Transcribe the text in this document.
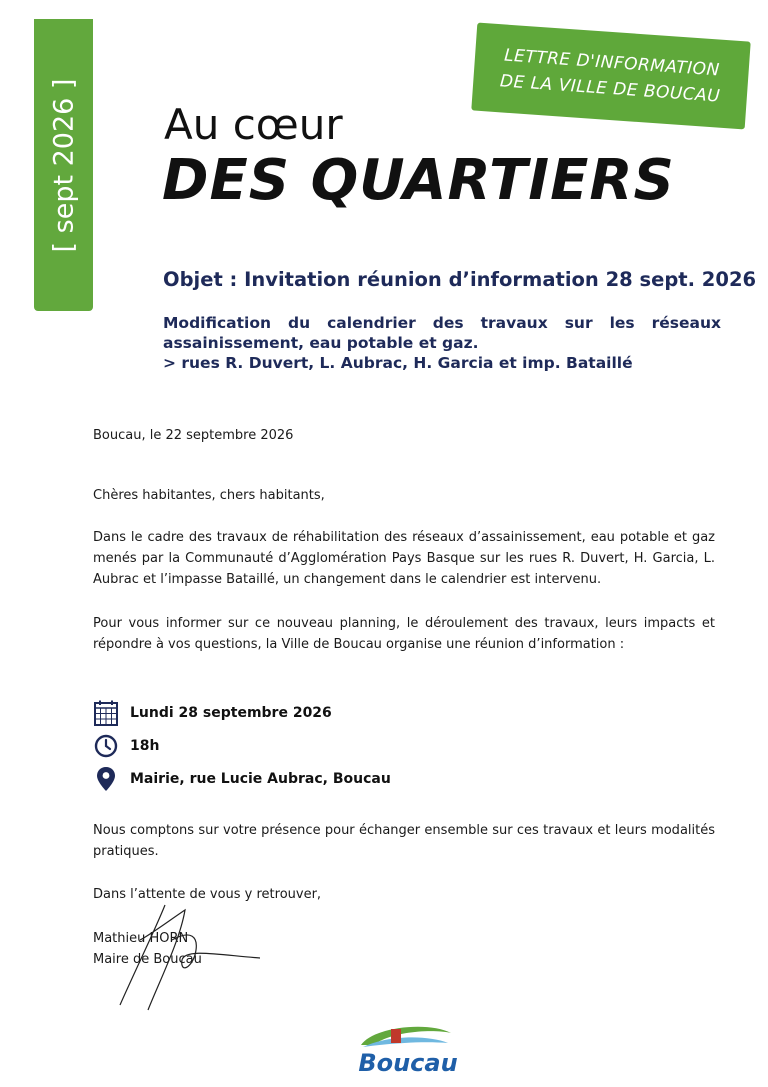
[ sept 2026 ]
LETTRE D'INFORMATION
DE LA VILLE DE BOUCAU
Au cœur
DES QUARTIERS
Objet : Invitation réunion d’information 28 sept. 2026
Modification du calendrier des travaux sur les réseaux
assainissement, eau potable et gaz.
> rues R. Duvert, L. Aubrac, H. Garcia et imp. Bataillé
Boucau, le 22 septembre 2026
Chères habitantes, chers habitants,
Dans le cadre des travaux de réhabilitation des réseaux d’assainissement, eau potable et gaz menés par la Communauté d’Agglomération Pays Basque sur les rues R. Duvert, H. Garcia, L. Aubrac et l’impasse Bataillé, un changement dans le calendrier est intervenu.
Pour vous informer sur ce nouveau planning, le déroulement des travaux, leurs impacts et répondre à vos questions, la Ville de Boucau organise une réunion d’information :
Lundi 28 septembre 2026
18h
Mairie, rue Lucie Aubrac, Boucau
Nous comptons sur votre présence pour échanger ensemble sur ces travaux et leurs modalités pratiques.
Dans l’attente de vous y retrouver,
Mathieu HORN
Maire de Boucau
Boucau
